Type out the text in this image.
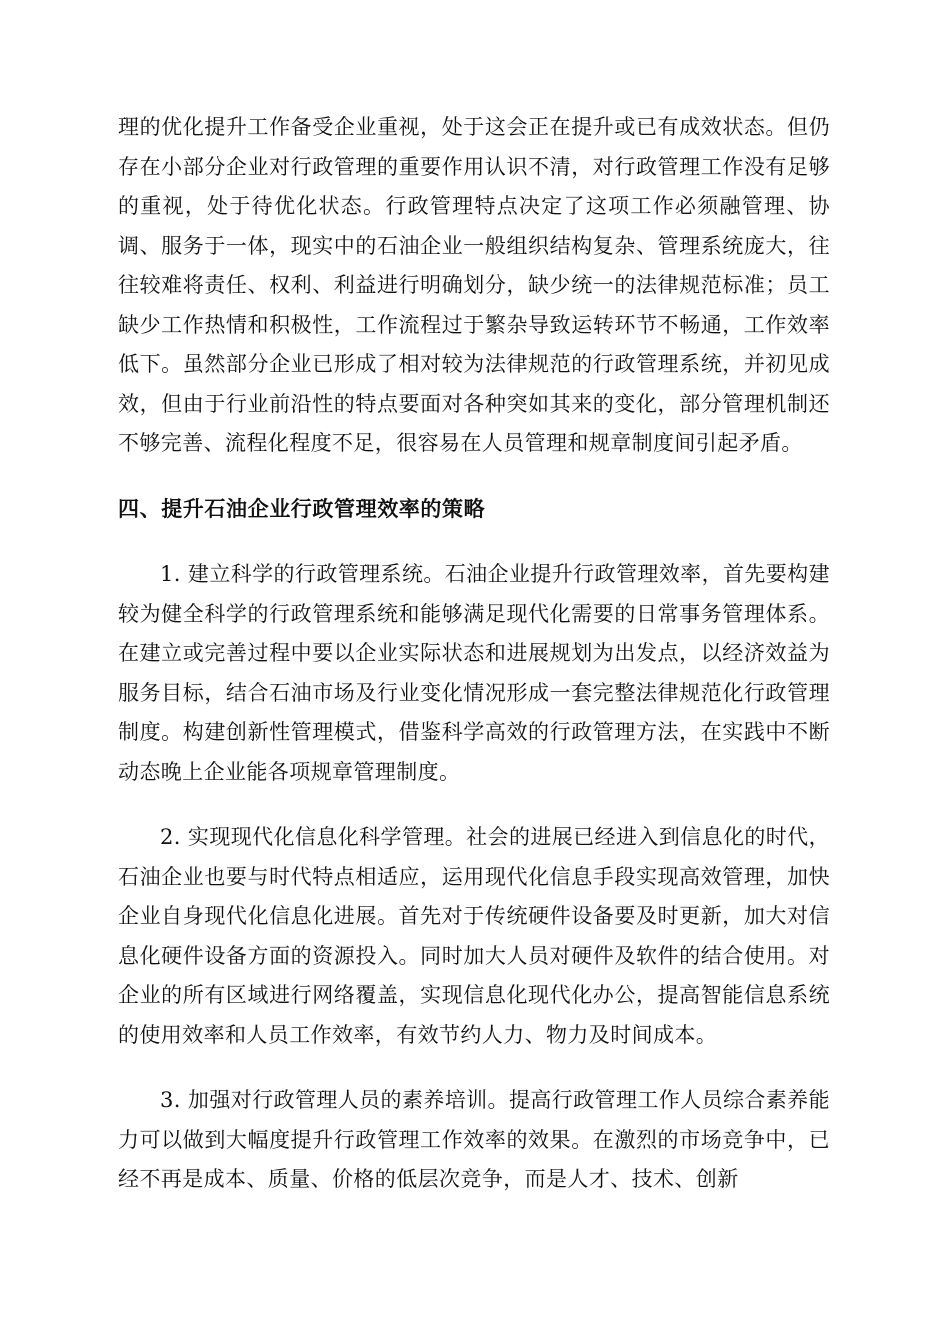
理的优化提升工作备受企业重视，处于这会正在提升或已有成效状态。但仍存在小部分企业对行政管理的重要作用认识不清，对行政管理工作没有足够的重视，处于待优化状态。行政管理特点决定了这项工作必须融管理、协调、服务于一体，现实中的石油企业一般组织结构复杂、管理系统庞大，往往较难将责任、权利、利益进行明确划分，缺少统一的法律规范标准；员工缺少工作热情和积极性，工作流程过于繁杂导致运转环节不畅通，工作效率低下。虽然部分企业已形成了相对较为法律规范的行政管理系统，并初见成效，但由于行业前沿性的特点要面对各种突如其来的变化，部分管理机制还不够完善、流程化程度不足，很容易在人员管理和规章制度间引起矛盾。

四、提升石油企业行政管理效率的策略

1. 建立科学的行政管理系统。石油企业提升行政管理效率，首先要构建较为健全科学的行政管理系统和能够满足现代化需要的日常事务管理体系。在建立或完善过程中要以企业实际状态和进展规划为出发点，以经济效益为服务目标，结合石油市场及行业变化情况形成一套完整法律规范化行政管理制度。构建创新性管理模式，借鉴科学高效的行政管理方法，在实践中不断动态晚上企业能各项规章管理制度。

2. 实现现代化信息化科学管理。社会的进展已经进入到信息化的时代，石油企业也要与时代特点相适应，运用现代化信息手段实现高效管理，加快企业自身现代化信息化进展。首先对于传统硬件设备要及时更新，加大对信息化硬件设备方面的资源投入。同时加大人员对硬件及软件的结合使用。对企业的所有区域进行网络覆盖，实现信息化现代化办公，提高智能信息系统的使用效率和人员工作效率，有效节约人力、物力及时间成本。

3. 加强对行政管理人员的素养培训。提高行政管理工作人员综合素养能力可以做到大幅度提升行政管理工作效率的效果。在激烈的市场竞争中，已经不再是成本、质量、价格的低层次竞争，而是人才、技术、创新
